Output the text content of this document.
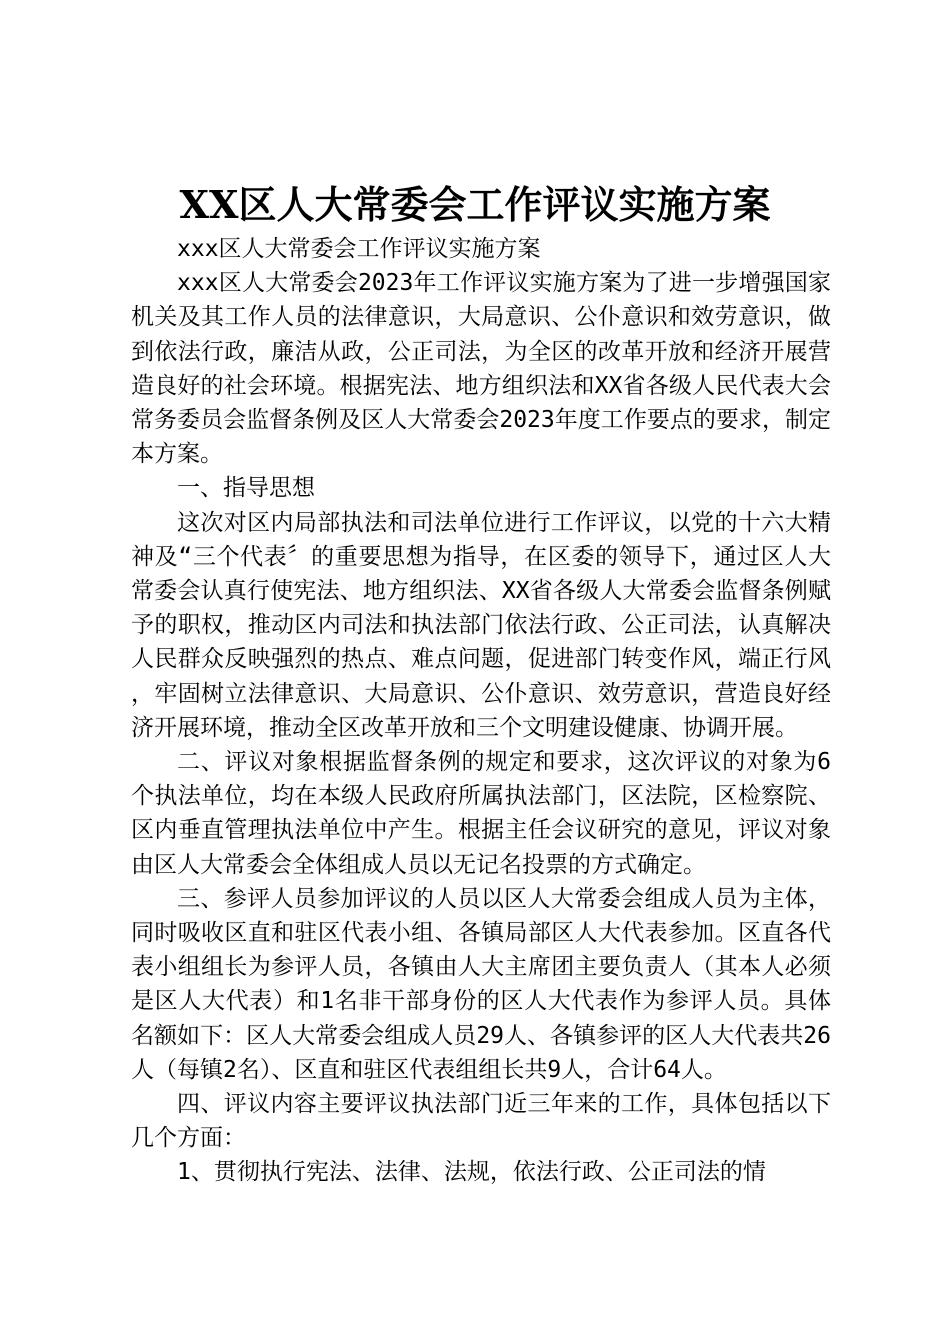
XX区人大常委会工作评议实施方案

xxx区人大常委会工作评议实施方案

xxx区人大常委会2023年工作评议实施方案为了进一步增强国家机关及其工作人员的法律意识，大局意识、公仆意识和效劳意识，做到依法行政，廉洁从政，公正司法，为全区的改革开放和经济开展营造良好的社会环境。根据宪法、地方组织法和XX省各级人民代表大会常务委员会监督条例及区人大常委会2023年度工作要点的要求，制定本方案。

一、指导思想

这次对区内局部执法和司法单位进行工作评议，以党的十六大精神及“三个代表〞的重要思想为指导，在区委的领导下，通过区人大常委会认真行使宪法、地方组织法、XX省各级人大常委会监督条例赋予的职权，推动区内司法和执法部门依法行政、公正司法，认真解决人民群众反映强烈的热点、难点问题，促进部门转变作风，端正行风，牢固树立法律意识、大局意识、公仆意识、效劳意识，营造良好经济开展环境，推动全区改革开放和三个文明建设健康、协调开展。

二、评议对象根据监督条例的规定和要求，这次评议的对象为6个执法单位，均在本级人民政府所属执法部门，区法院，区检察院、区内垂直管理执法单位中产生。根据主任会议研究的意见，评议对象由区人大常委会全体组成人员以无记名投票的方式确定。

三、参评人员参加评议的人员以区人大常委会组成人员为主体，同时吸收区直和驻区代表小组、各镇局部区人大代表参加。区直各代表小组组长为参评人员，各镇由人大主席团主要负责人（其本人必须是区人大代表）和1名非干部身份的区人大代表作为参评人员。具体名额如下：区人大常委会组成人员29人、各镇参评的区人大代表共26人（每镇2名）、区直和驻区代表组组长共9人，合计64人。

四、评议内容主要评议执法部门近三年来的工作，具体包括以下几个方面：

1、贯彻执行宪法、法律、法规，依法行政、公正司法的情
